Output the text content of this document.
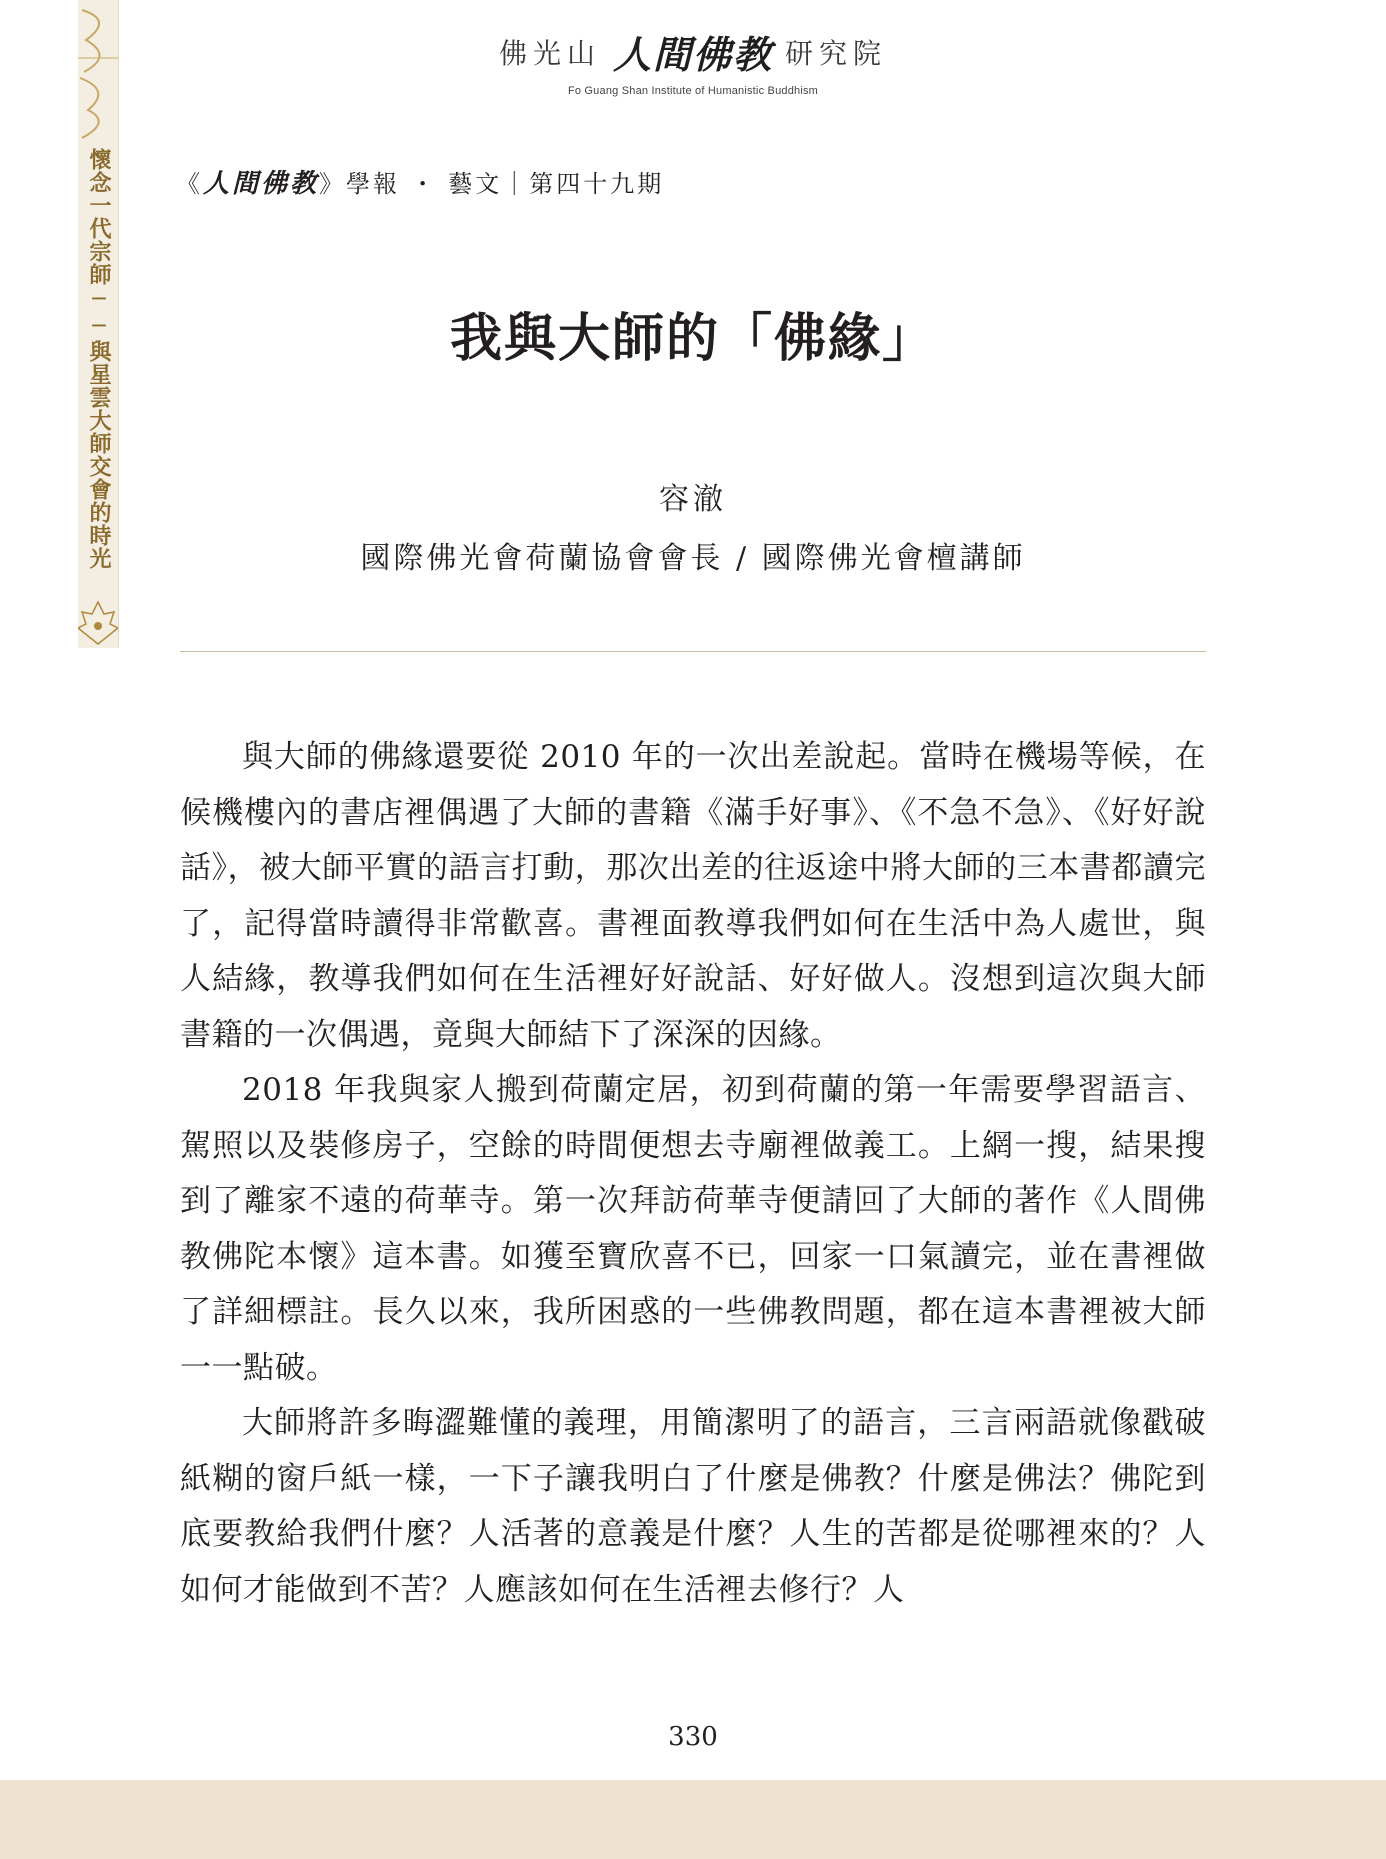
懷念一代宗師──與星雲大師交會的時光
佛光山 人間佛教 研究院
Fo Guang Shan Institute of Humanistic Buddhism
《人間佛教》學報 ・ 藝文｜第四十九期
我與大師的「佛緣」
容澈
國際佛光會荷蘭協會會長 / 國際佛光會檀講師

與大師的佛緣還要從 2010 年的一次出差說起。當時在機場等候，在候機樓內的書店裡偶遇了大師的書籍《滿手好事》、《不急不急》、《好好說話》，被大師平實的語言打動，那次出差的往返途中將大師的三本書都讀完了，記得當時讀得非常歡喜。書裡面教導我們如何在生活中為人處世，與人結緣，教導我們如何在生活裡好好說話、好好做人。沒想到這次與大師書籍的一次偶遇，竟與大師結下了深深的因緣。

2018 年我與家人搬到荷蘭定居，初到荷蘭的第一年需要學習語言、駕照以及裝修房子，空餘的時間便想去寺廟裡做義工。上網一搜，結果搜到了離家不遠的荷華寺。第一次拜訪荷華寺便請回了大師的著作《人間佛教佛陀本懷》這本書。如獲至寶欣喜不已，回家一口氣讀完，並在書裡做了詳細標註。長久以來，我所困惑的一些佛教問題，都在這本書裡被大師一一點破。

大師將許多晦澀難懂的義理，用簡潔明了的語言，三言兩語就像戳破紙糊的窗戶紙一樣，一下子讓我明白了什麼是佛教？什麼是佛法？佛陀到底要教給我們什麼？人活著的意義是什麼？人生的苦都是從哪裡來的？人如何才能做到不苦？人應該如何在生活裡去修行？人

330
